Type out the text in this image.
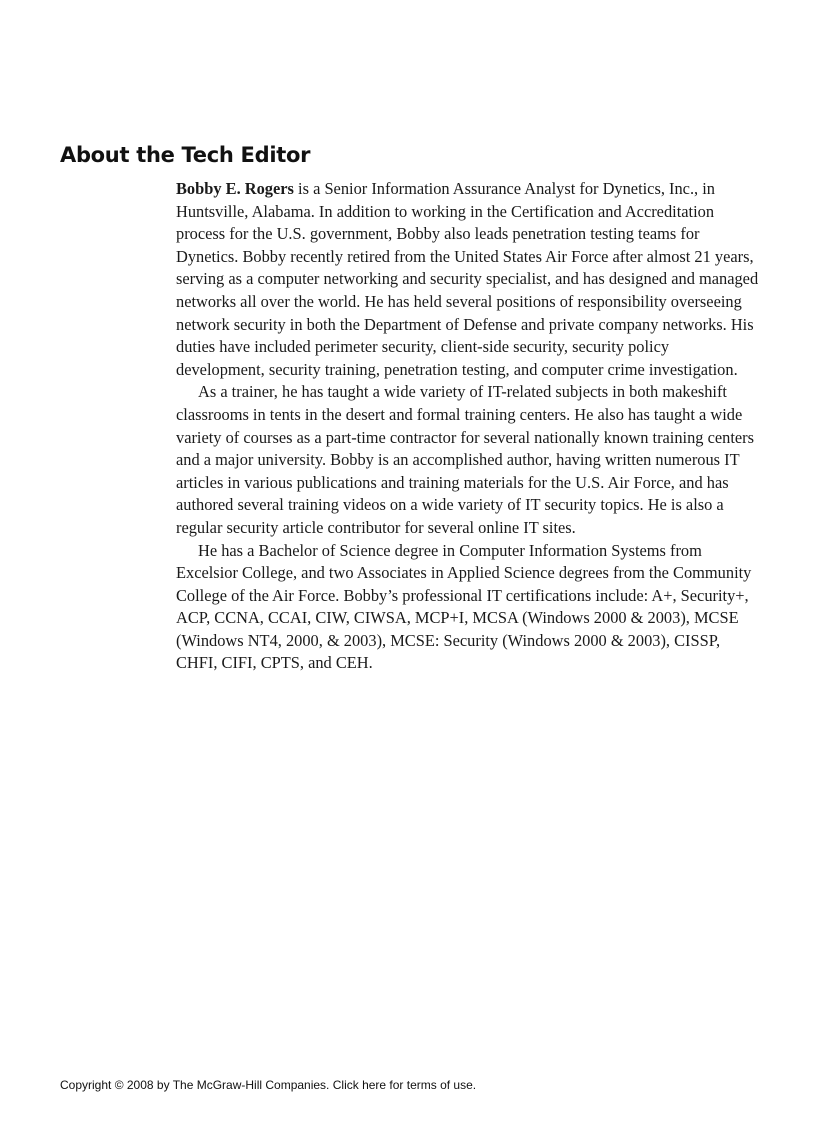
About the Tech Editor

Bobby E. Rogers is a Senior Information Assurance Analyst for Dynetics, Inc., in Huntsville, Alabama. In addition to working in the Certification and Accreditation process for the U.S. government, Bobby also leads penetration testing teams for Dynetics. Bobby recently retired from the United States Air Force after almost 21 years, serving as a computer networking and security specialist, and has designed and managed networks all over the world. He has held several positions of responsibility overseeing network security in both the Department of Defense and private company networks. His duties have included perimeter security, client-side security, security policy development, security training, penetration testing, and computer crime investigation.

As a trainer, he has taught a wide variety of IT-related subjects in both makeshift classrooms in tents in the desert and formal training centers. He also has taught a wide variety of courses as a part-time contractor for several nationally known training centers and a major university. Bobby is an accomplished author, having written numerous IT articles in various publications and training materials for the U.S. Air Force, and has authored several training videos on a wide variety of IT security topics. He is also a regular security article contributor for several online IT sites.

He has a Bachelor of Science degree in Computer Information Systems from Excelsior College, and two Associates in Applied Science degrees from the Community College of the Air Force. Bobby’s professional IT certifications include: A+, Security+, ACP, CCNA, CCAI, CIW, CIWSA, MCP+I, MCSA (Windows 2000 & 2003), MCSE (Windows NT4, 2000, & 2003), MCSE: Security (Windows 2000 & 2003), CISSP, CHFI, CIFI, CPTS, and CEH.

Copyright © 2008 by The McGraw-Hill Companies. Click here for terms of use.
